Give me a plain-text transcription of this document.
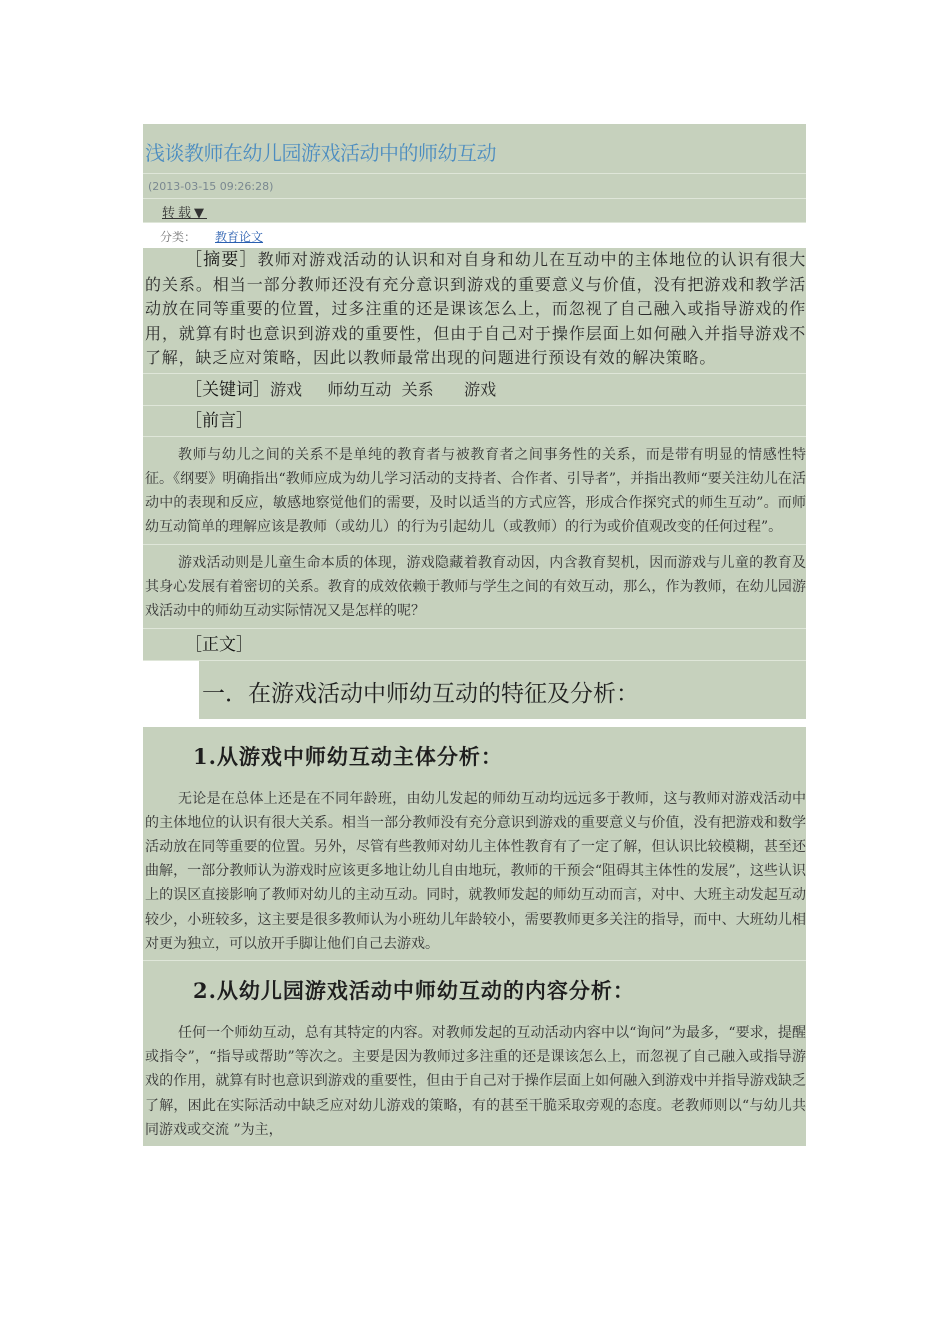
浅谈教师在幼儿园游戏活动中的师幼互动
(2013-03-15 09:26:28)
转载▼
分类： 教育论文
［摘要］教师对游戏活动的认识和对自身和幼儿在互动中的主体地位的认识有很大的关系。相当一部分教师还没有充分意识到游戏的重要意义与价值，没有把游戏和教学活动放在同等重要的位置，过多注重的还是课该怎么上，而忽视了自己融入或指导游戏的作用，就算有时也意识到游戏的重要性，但由于自己对于操作层面上如何融入并指导游戏不了解，缺乏应对策略，因此以教师最常出现的问题进行预设有效的解决策略。
［关键词］游戏     师幼互动  关系      游戏
［前言］
教师与幼儿之间的关系不是单纯的教育者与被教育者之间事务性的关系，而是带有明显的情感性特征。《纲要》明确指出“教师应成为幼儿学习活动的支持者、合作者、引导者”，并指出教师“要关注幼儿在活动中的表现和反应，敏感地察觉他们的需要，及时以适当的方式应答，形成合作探究式的师生互动”。而师幼互动简单的理解应该是教师（或幼儿）的行为引起幼儿（或教师）的行为或价值观改变的任何过程”。
游戏活动则是儿童生命本质的体现，游戏隐藏着教育动因，内含教育契机，因而游戏与儿童的教育及其身心发展有着密切的关系。教育的成效依赖于教师与学生之间的有效互动，那么，作为教师，在幼儿园游戏活动中的师幼互动实际情况又是怎样的呢？
［正文］
一．在游戏活动中师幼互动的特征及分析：
1.从游戏中师幼互动主体分析：
无论是在总体上还是在不同年龄班，由幼儿发起的师幼互动均远远多于教师，这与教师对游戏活动中的主体地位的认识有很大关系。相当一部分教师没有充分意识到游戏的重要意义与价值，没有把游戏和数学活动放在同等重要的位置。另外，尽管有些教师对幼儿主体性教育有了一定了解，但认识比较模糊，甚至还曲解，一部分教师认为游戏时应该更多地让幼儿自由地玩，教师的干预会“阻碍其主体性的发展”，这些认识上的误区直接影响了教师对幼儿的主动互动。同时，就教师发起的师幼互动而言，对中、大班主动发起互动较少，小班较多，这主要是很多教师认为小班幼儿年龄较小，需要教师更多关注的指导，而中、大班幼儿相对更为独立，可以放开手脚让他们自己去游戏。
2.从幼儿园游戏活动中师幼互动的内容分析：
任何一个师幼互动，总有其特定的内容。对教师发起的互动活动内容中以“询问”为最多，“要求，提醒或指令”，“指导或帮助”等次之。主要是因为教师过多注重的还是课该怎么上，而忽视了自己融入或指导游戏的作用，就算有时也意识到游戏的重要性，但由于自己对于操作层面上如何融入到游戏中并指导游戏缺乏了解，困此在实际活动中缺乏应对幼儿游戏的策略，有的甚至干脆采取旁观的态度。老教师则以“与幼儿共同游戏或交流 ”为主，
